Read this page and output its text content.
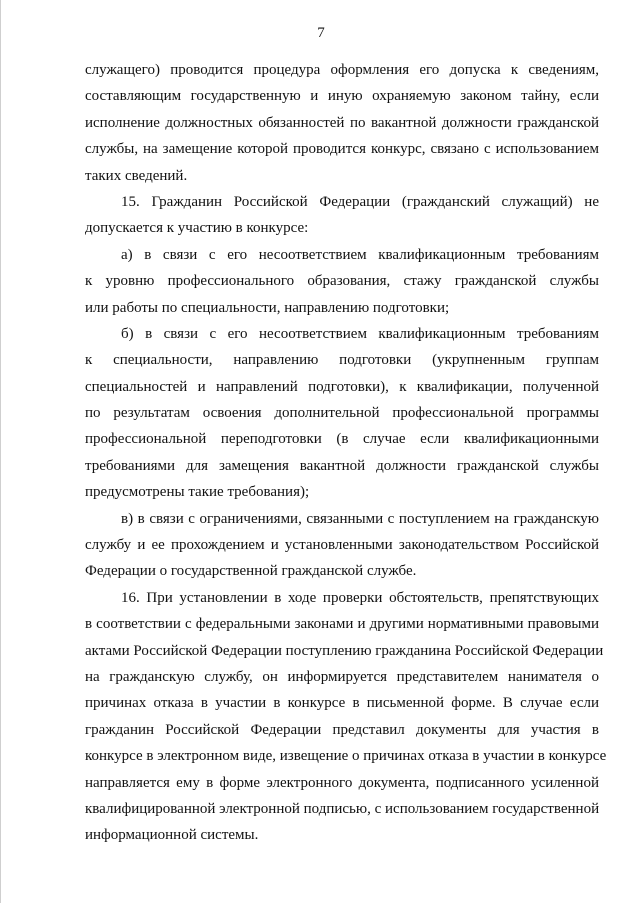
7
служащего) проводится процедура оформления его допуска к сведениям,
составляющим государственную и иную охраняемую законом тайну, если
исполнение должностных обязанностей по вакантной должности гражданской
службы, на замещение которой проводится конкурс, связано с использованием
таких сведений.
15. Гражданин Российской Федерации (гражданский служащий) не
допускается к участию в конкурсе:
а) в связи с его несоответствием квалификационным требованиям
к уровню профессионального образования, стажу гражданской службы
или работы по специальности, направлению подготовки;
б) в связи с его несоответствием квалификационным требованиям
к специальности, направлению подготовки (укрупненным группам
специальностей и направлений подготовки), к квалификации, полученной
по результатам освоения дополнительной профессиональной программы
профессиональной переподготовки (в случае если квалификационными
требованиями для замещения вакантной должности гражданской службы
предусмотрены такие требования);
в) в связи с ограничениями, связанными с поступлением на гражданскую
службу и ее прохождением и установленными законодательством Российской
Федерации о государственной гражданской службе.
16. При установлении в ходе проверки обстоятельств, препятствующих
в соответствии с федеральными законами и другими нормативными правовыми
актами Российской Федерации поступлению гражданина Российской Федерации
на гражданскую службу, он информируется представителем нанимателя о
причинах отказа в участии в конкурсе в письменной форме. В случае если
гражданин Российской Федерации представил документы для участия в
конкурсе в электронном виде, извещение о причинах отказа в участии в конкурсе
направляется ему в форме электронного документа, подписанного усиленной
квалифицированной электронной подписью, с использованием государственной
информационной системы.
